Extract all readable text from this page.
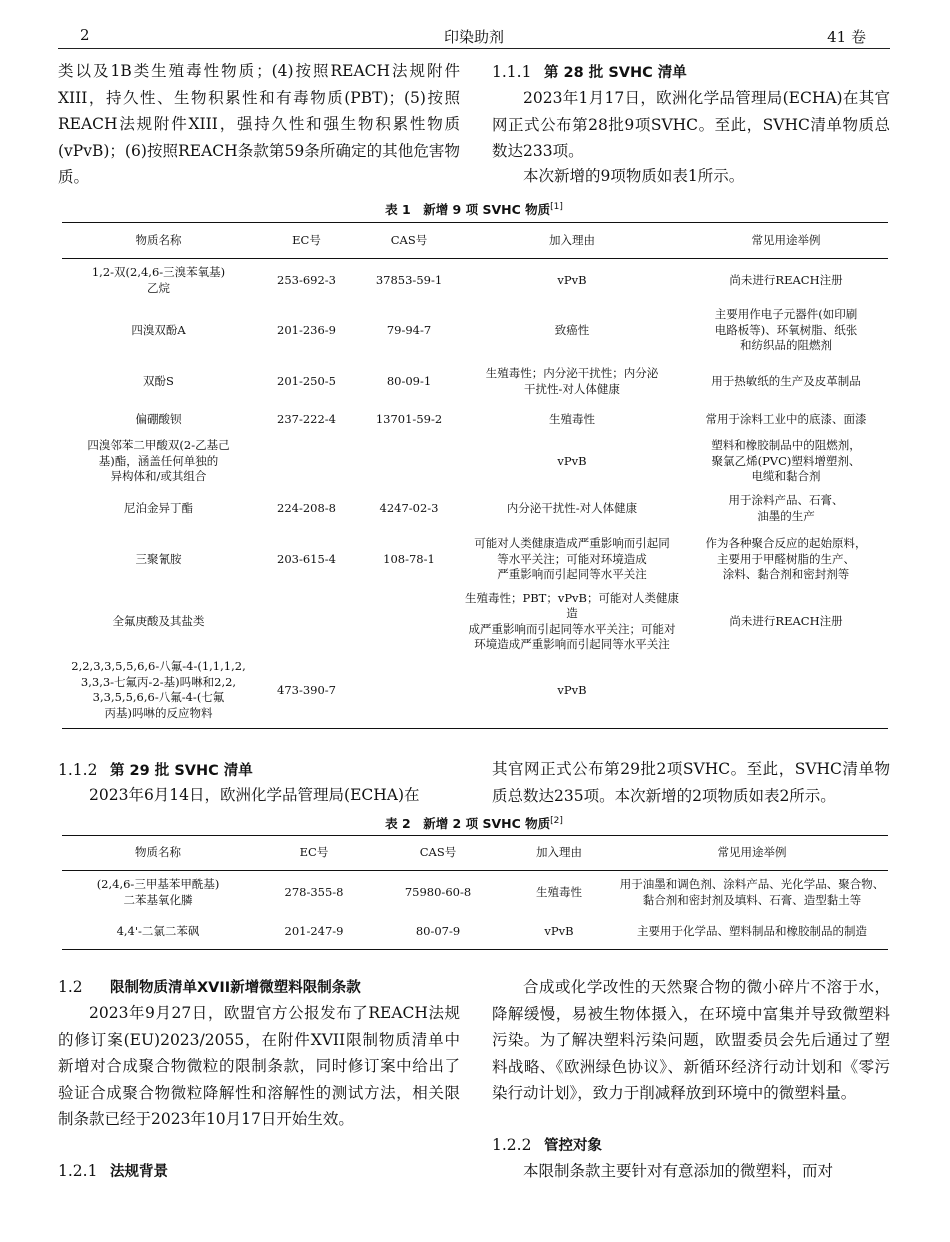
2	印染助剂	41 卷

类以及1B类生殖毒性物质；(4)按照REACH法规附件XIII，持久性、生物积累性和有毒物质(PBT)；(5)按照REACH法规附件XIII，强持久性和强生物积累性物质(vPvB)；(6)按照REACH条款第59条所确定的其他危害物质。

1.1.1 第 28 批 SVHC 清单

2023年1月17日，欧洲化学品管理局(ECHA)在其官网正式公布第28批9项SVHC。至此，SVHC清单物质总数达233项。

本次新增的9项物质如表1所示。

表 1　新增 9 项 SVHC 物质[1]
物质名称	EC号	CAS号	加入理由	常见用途举例
1,2-双(2,4,6-三溴苯氧基)
乙烷	253-692-3	37853-59-1	vPvB	尚未进行REACH注册
四溴双酚A	201-236-9	79-94-7	致癌性	主要用作电子元器件(如印刷
电路板等)、环氧树脂、纸张
和纺织品的阻燃剂
双酚S	201-250-5	80-09-1	生殖毒性；内分泌干扰性；内分泌
干扰性-对人体健康	用于热敏纸的生产及皮革制品
偏硼酸钡	237-222-4	13701-59-2	生殖毒性	常用于涂料工业中的底漆、面漆
四溴邻苯二甲酸双(2-乙基己
基)酯，涵盖任何单独的
异构体和/或其组合			vPvB	塑料和橡胶制品中的阻燃剂，
聚氯乙烯(PVC)塑料增塑剂、
电缆和黏合剂
尼泊金异丁酯	224-208-8	4247-02-3	内分泌干扰性-对人体健康	用于涂料产品、石膏、
油墨的生产
三聚氰胺	203-615-4	108-78-1	可能对人类健康造成严重影响而引起同
等水平关注；可能对环境造成
严重影响而引起同等水平关注	作为各种聚合反应的起始原料，
主要用于甲醛树脂的生产、
涂料、黏合剂和密封剂等
全氟庚酸及其盐类			生殖毒性；PBT；vPvB；可能对人类健康造
成严重影响而引起同等水平关注；可能对
环境造成严重影响而引起同等水平关注	尚未进行REACH注册
2,2,3,3,5,5,6,6-八氟-4-(1,1,1,2,
3,3,3-七氟丙-2-基)吗啉和2,2,
3,3,5,5,6,6-八氟-4-(七氟
丙基)吗啉的反应物料	473-390-7		vPvB	
1.1.2 第 29 批 SVHC 清单

2023年6月14日，欧洲化学品管理局(ECHA)在

其官网正式公布第29批2项SVHC。至此，SVHC清单物质总数达235项。本次新增的2项物质如表2所示。

表 2　新增 2 项 SVHC 物质[2]
物质名称	EC号	CAS号	加入理由	常见用途举例
(2,4,6-三甲基苯甲酰基)
二苯基氧化膦	278-355-8	75980-60-8	生殖毒性	用于油墨和调色剂、涂料产品、光化学品、聚合物、
黏合剂和密封剂及填料、石膏、造型黏土等
4,4'-二氯二苯砜	201-247-9	80-07-9	vPvB	主要用于化学品、塑料制品和橡胶制品的制造
1.2 限制物质清单XVII新增微塑料限制条款

2023年9月27日，欧盟官方公报发布了REACH法规的修订案(EU)2023/2055，在附件XVII限制物质清单中新增对合成聚合物微粒的限制条款，同时修订案中给出了验证合成聚合物微粒降解性和溶解性的测试方法，相关限制条款已经于2023年10月17日开始生效。

1.2.1 法规背景

合成或化学改性的天然聚合物的微小碎片不溶于水，降解缓慢，易被生物体摄入，在环境中富集并导致微塑料污染。为了解决塑料污染问题，欧盟委员会先后通过了塑料战略、《欧洲绿色协议》、新循环经济行动计划和《零污染行动计划》，致力于削减释放到环境中的微塑料量。

1.2.2 管控对象

本限制条款主要针对有意添加的微塑料，而对
